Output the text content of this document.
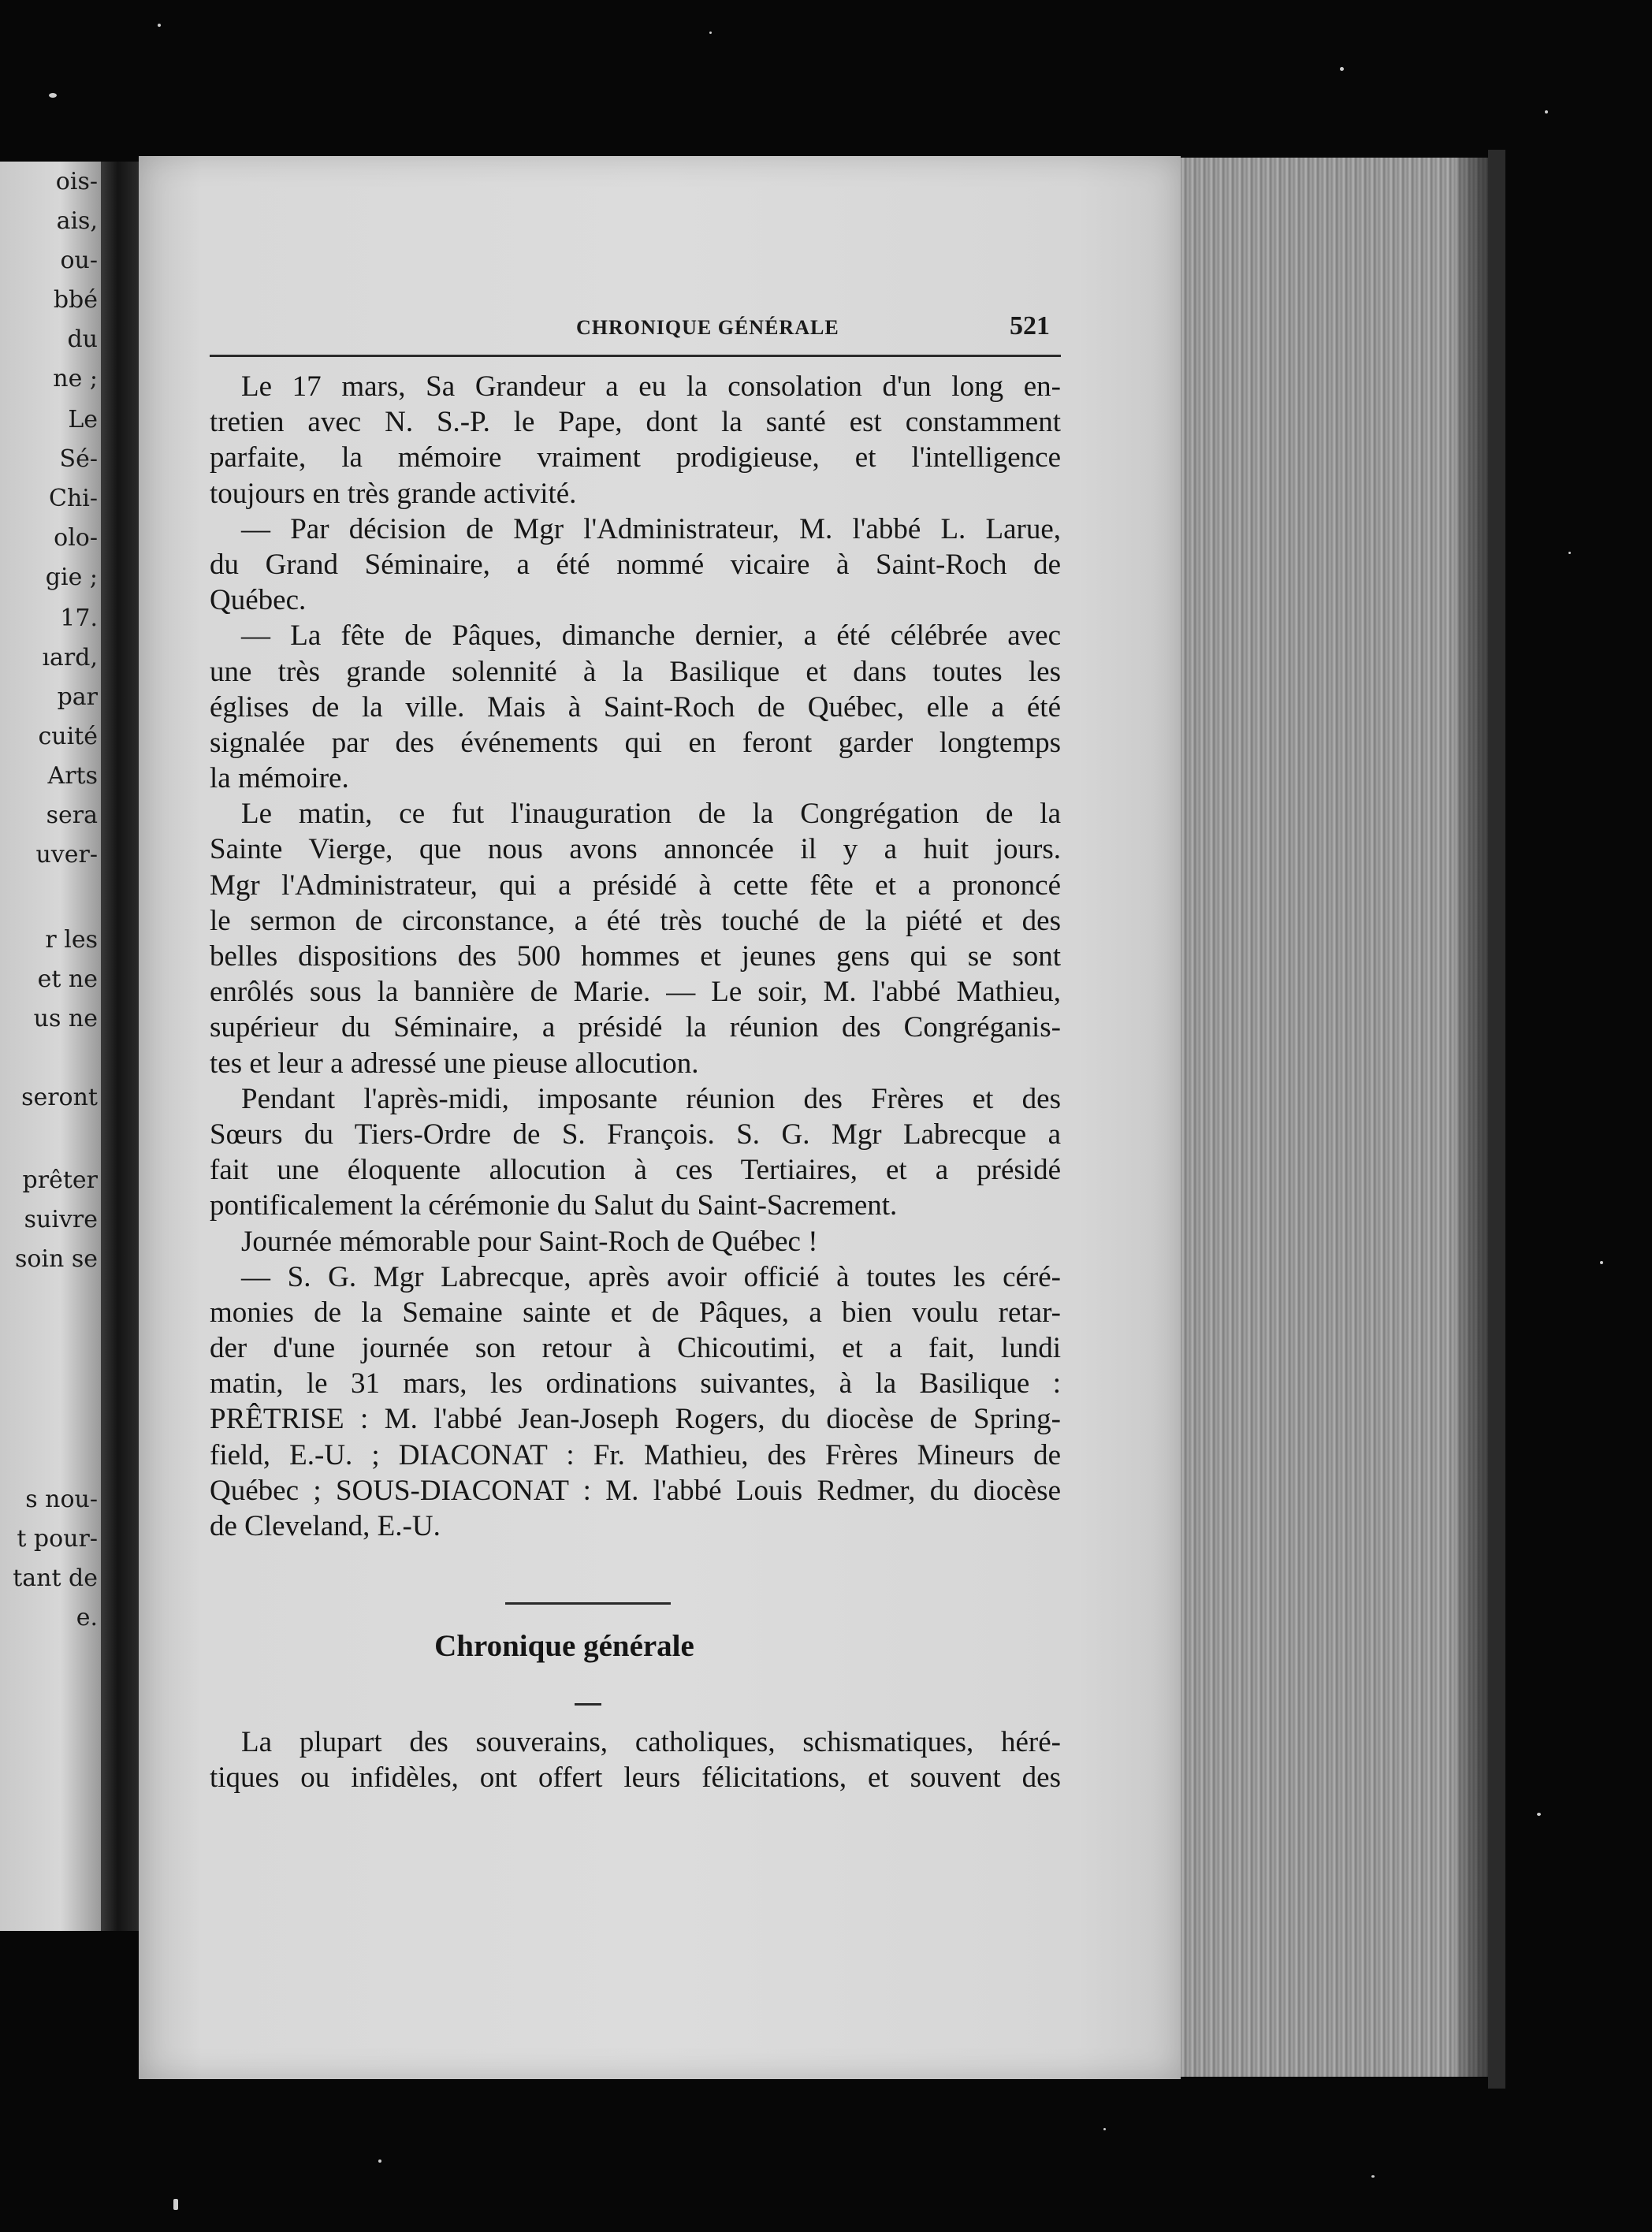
ois-
ais,
ou-
bbé
du
ne ;
Le
Sé-
Chi-
olo-
gie ;
17.
ıard,
par
cuité
Arts
sera
uver-
r les
et ne
us ne
seront
prêter
suivre
soin se
s nou-
t pour-
tant de
e.
CHRONIQUE GÉNÉRALE	521
Le 17 mars, Sa Grandeur a eu la consolation d'un long en-
tretien avec N. S.-P. le Pape, dont la santé est constamment
parfaite, la mémoire vraiment prodigieuse, et l'intelligence
toujours en très grande activité.
— Par décision de Mgr l'Administrateur, M. l'abbé L. Larue,
du Grand Séminaire, a été nommé vicaire à Saint-Roch de
Québec.
— La fête de Pâques, dimanche dernier, a été célébrée avec
une très grande solennité à la Basilique et dans toutes les
églises de la ville. Mais à Saint-Roch de Québec, elle a été
signalée par des événements qui en feront garder longtemps
la mémoire.
Le matin, ce fut l'inauguration de la Congrégation de la
Sainte Vierge, que nous avons annoncée il y a huit jours.
Mgr l'Administrateur, qui a présidé à cette fête et a prononcé
le sermon de circonstance, a été très touché de la piété et des
belles dispositions des 500 hommes et jeunes gens qui se sont
enrôlés sous la bannière de Marie. — Le soir, M. l'abbé Mathieu,
supérieur du Séminaire, a présidé la réunion des Congréganis-
tes et leur a adressé une pieuse allocution.
Pendant l'après-midi, imposante réunion des Frères et des
Sœurs du Tiers-Ordre de S. François. S. G. Mgr Labrecque a
fait une éloquente allocution à ces Tertiaires, et a présidé
pontificalement la cérémonie du Salut du Saint-Sacrement.
Journée mémorable pour Saint-Roch de Québec !
— S. G. Mgr Labrecque, après avoir officié à toutes les céré-
monies de la Semaine sainte et de Pâques, a bien voulu retar-
der d'une journée son retour à Chicoutimi, et a fait, lundi
matin, le 31 mars, les ordinations suivantes, à la Basilique :
PRÊTRISE : M. l'abbé Jean-Joseph Rogers, du diocèse de Spring-
field, E.-U. ; DIACONAT : Fr. Mathieu, des Frères Mineurs de
Québec ; SOUS-DIACONAT : M. l'abbé Louis Redmer, du diocèse
de Cleveland, E.-U.
Chronique générale
La plupart des souverains, catholiques, schismatiques, héré-
tiques ou infidèles, ont offert leurs félicitations, et souvent des
